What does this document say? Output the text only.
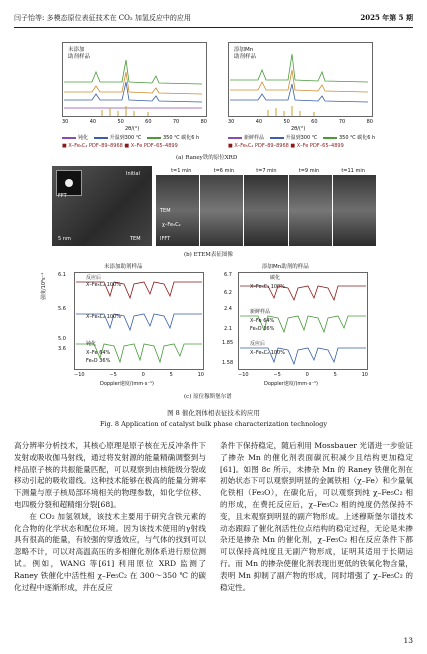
闫子怡等: 多模态原位表征技术在 CO₂ 加氢反应中的应用	2025 年第 5 期
未添加
助剂样品
添加Mn
助剂样品
30	40	50	60	70	80	30	40	50	60	70	80
2θ/(°)	2θ/(°)
钝化	升温到300 ℃	350 ℃ 碳化6 h	新鲜样品	升温到300 ℃	350 ℃ 碳化6 h
■ X–Fe₅C₂ PDF–89–8968 ■ X–Fe PDF–65–4899	■ X–Fe₅C₂ PDF–89–8968 ■ X–Fe PDF–65–4899
(a) Raney铁的原位XRD
FFT
Initial
5 nm	TEM
t=1 min	t=6 min	t=7 min	t=9 min	t=11 min
TEM
χ–Fe₅C₂
IFFT
(b) ETEM表征图像
未添加助剂样品	添加Mn助剂的样品
反应后
X–Fe₅C₂ 100%
X–Fe₅C₂ 100%
钝化
X–Fe 64%
Fe₃O 36%
6.1
5.6
5.0
3.6
强度/10⁶s⁻¹	碳化
X–Fe₅C₂ 100%
新鲜样品
X–Fe 64%
Fe₃O 36%
反应后
X–Fe₅C₂ 100%
6.7
6.2
2.4
2.1
1.85
1.58
−10	−5	0	5	10	−10	−5	0	5	10
Doppler速度/(mm·s⁻¹)	Doppler速度/(mm·s⁻¹)
(c) 原位穆斯堡尔谱
图 8 催化剂体相表征技术的应用
Fig. 8 Application of catalyst bulk phase characterization technology

高分辨率分析技术，其核心原理是原子核在无反冲条件下发射或吸收伽马射线，通过将发射源的能量精确调整到与样品原子核的共振能量匹配，可以观察到由核能级分裂或移动引起的吸收谱线。这种技术能够在极高的能量分辨率下测量与原子核局部环境相关的物理参数，如化学位移、电四极分裂和超精细分裂[68]。

在 CO₂ 加氢领域，该技术主要用于研究含铁元素的化合物的化学状态和配位环境。因为该技术使用的γ射线具有很高的能量，有较强的穿透效应，与气体的找到可以忽略不计，可以对高温高压的多相催化剂体系进行原位测试。例如，WANG 等[61] 利用原位 XRD 监测了 Raney 铁催化中活性相 χ–Fe₅C₂ 在 300～350 ℃ 的碳化过程中逐渐形成，并在反应

条件下保持稳定，随后利用 Mossbauer 光谱进一步验证了掺杂 Mn 的催化剂表面碳沉积减少且结构更加稳定[61]。如图 8c 所示，未掺杂 Mn 的 Raney 铁催化剂在初始状态下可以观察到明显的金属铁相（χ–Fe）和少量氧化铁相（Fe₃O），在碳化后，可以观察到纯 χ–Fe₅C₂ 相的形成，在费托反应后，χ–Fe₅C₂ 相的纯度仍然保持不变，且未观察到明显的副产物形成。上述穆斯堡尔谱技术动态跟踪了催化剂活性位点结构的稳定过程，无论是未掺杂还是掺杂 Mn 的催化剂，χ–Fe₅C₂ 相在反应条件下都可以保持高纯度且无副产物形成，证明其适用于长期运行。而 Mn 的掺杂使催化剂表现出更低的铁氧化物含量，表明 Mn 抑制了副产物的形成，同时增强了 χ–Fe₅C₂ 的稳定性。

13
